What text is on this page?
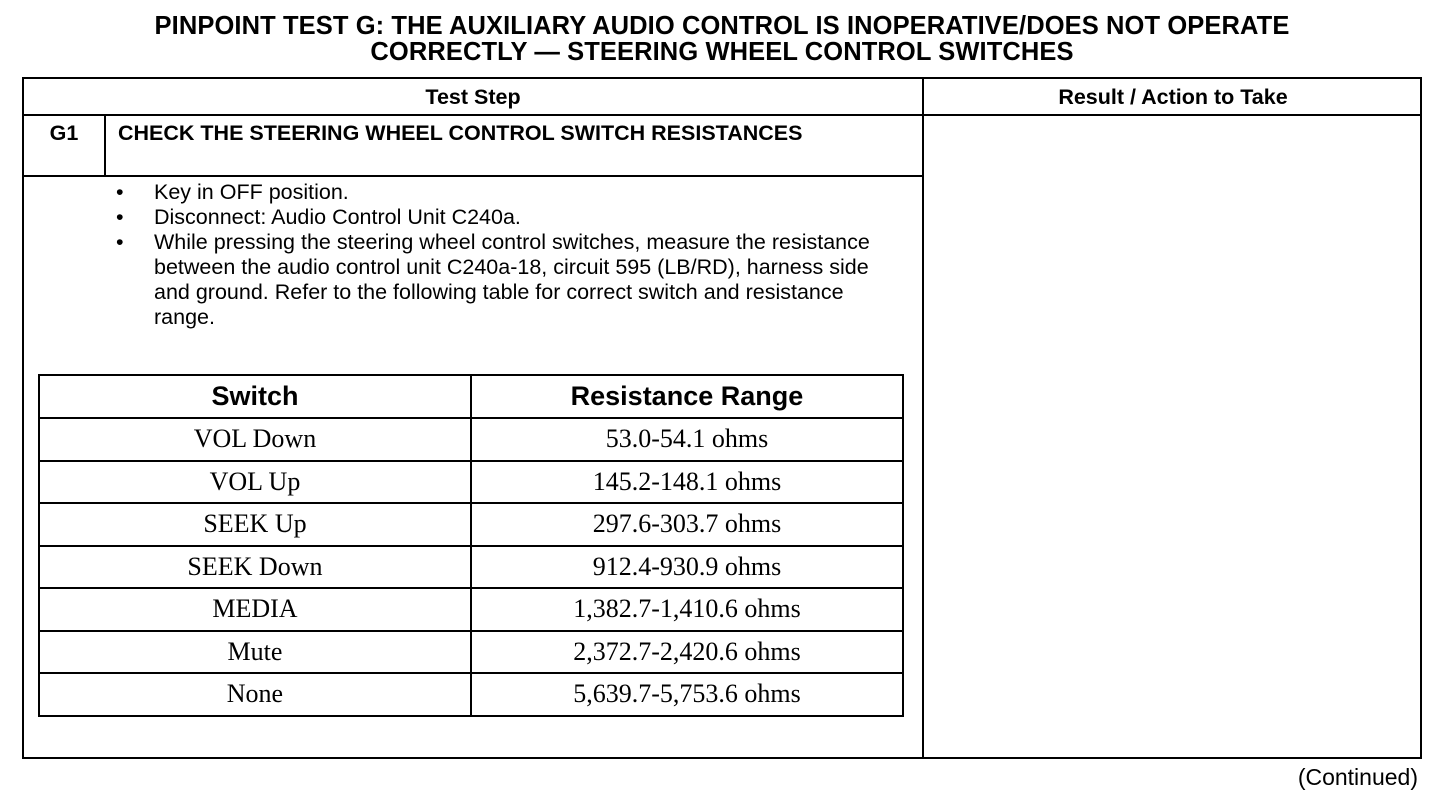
PINPOINT TEST G: THE AUXILIARY AUDIO CONTROL IS INOPERATIVE/DOES NOT OPERATE
CORRECTLY — STEERING WHEEL CONTROL SWITCHES
Test Step	Result / Action to Take
G1	CHECK THE STEERING WHEEL CONTROL SWITCH RESISTANCES
• Key in OFF position.
• Disconnect: Audio Control Unit C240a.
• While pressing the steering wheel control switches, measure the resistance between the audio control unit C240a-18, circuit 595 (LB/RD), harness side and ground. Refer to the following table for correct switch and resistance range.
Switch	Resistance Range
VOL Down	53.0-54.1 ohms
VOL Up	145.2-148.1 ohms
SEEK Up	297.6-303.7 ohms
SEEK Down	912.4-930.9 ohms
MEDIA	1,382.7-1,410.6 ohms
Mute	2,372.7-2,420.6 ohms
None	5,639.7-5,753.6 ohms
(Continued)
